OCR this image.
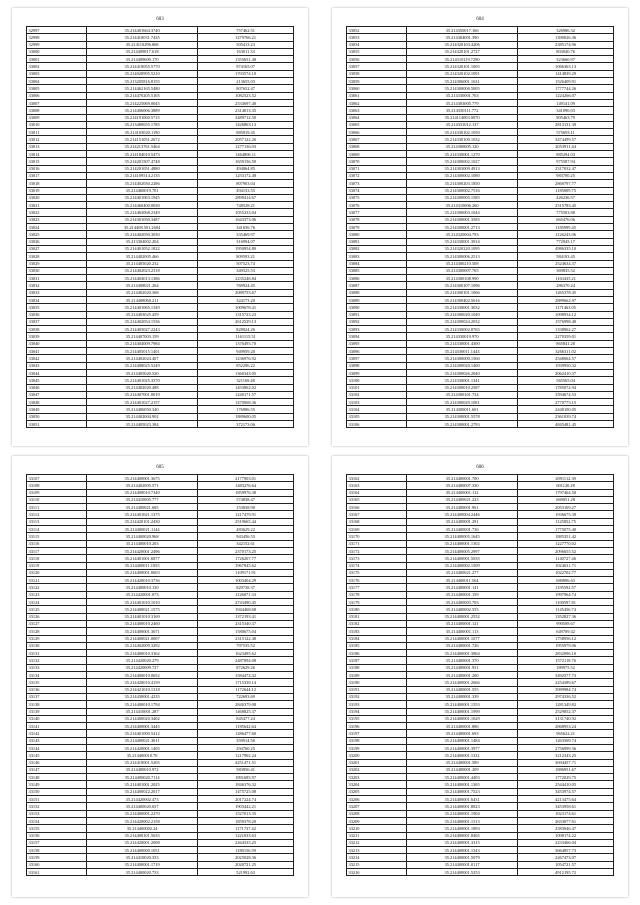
603
32997	35.214401664.3740	757462.51
32998	35.214410031.7435	1279766.21
32999	35.214110296.868	505413.23
33000	35.214409817.618	163011.33
33001	35.214409609.170	1355651.48
33002	35.214410055.5770	974165.07
33003	35.214020995.5210	1703574.10
33004	35.213205816.8155	213655.03
33005	35.214462165.5480	807652.47
33006	35.214470205.5165	1082523.52
33007	35.214225069.0045	2533697.40
33008	35.214406006.3889	2314813.35
33009	35.214191060.5715	2489712.50
33010	35.213480655.1785	1426863.13
33011	35.214103020.1190	885819.45
33012	35.214151051.2672	2057122.26
33013	35.214213761.5464	1277136.03
33014	35.214184010.5473	1464806.11
33015	35.214201507.4748	1659156.50
33016	35.214201051.4880	494064.85
33017	35.214109514.2135	1253172.48
33018	35.214402030.2286	807903.04
33019	35.214460019.701	494133.55
33020	35.214401063.1945	2899414.67
33021	35.214460400.0030	748528.21
33022	35.214463068.2349	1055233.04
33023	35.214301050.3487	1643373.06
33024	35.214408.501.2604	341656.76
33025	35.214402050.3030	335469.97
33026	35.213304002.204	316994.07
33027	35.214401052.1822	1950954.80
33028	35.214402005.466	809593.21
33029	35.214405020.232	507523.74
33030	35.214402023.2318	349525.53
33031	35.214404013.1386	2235246.84
33032	35.214408021.264	769924.45
33033	35.214402020.368	2089753.67
33034	35.214408060.211	324173.20
33035	35.214401065.1349	1009678.41
33036	35.214403025.459	1315723.23
33037	35.214402054.1536	2612529.13
33038	35.214403027.2243	828024.26
33039	35.214407003.159	1161115.51
33040	35.214404009.7984	1376493.70
33041	35.214405015.1401	949959.20
33042	35.214402024.407	1236976.92
33043	35.214408025.5249	852296.22
33044	35.214405020.520	1360343.05
33045	35.214401025.3370	321169.48
33046	35.214402020.488	1453862.02
33047	35.214407001.0019	1240171.57
33048	35.214401027.2157	1470068.36
33049	35.214406050.340	176986.55
33050	35.214402004.902	1889600.05
33051	35.214405023.384	372173.06
604
33052	35.214350017.166	326986.32
33053	35.214304001.390	1390026.36
33054	35.214320103.4206	2385174.96
33055	35.214320101.2727	803040.76
33056	35.214310119.7290	323660.97
33057	35.214320101.1005	1066363.13
33058	35.214320102.1091	1414839.29
33059	35.214306001.1631	1526409.91
33060	35.214300006.5005	1777744.26
33061	35.214330001.763	1224266.07
33062	35.214303005.779	149141.09
33063	35.214350111.772	341090.03
33064	35.214114003.0070	905463.79
33065	35.214331012.137	2813131.39
33066	35.214330102.1050	575693.11
33067	35.214330100.1032	3474499.57
33068	35.214300005.120	2053911.44
33069	35.214330001.1270	885294.03
33070	35.214300002.1027	975587.94
33071	35.214303009.4913	2317032.47
33072	35.214300002.1080	983700.25
33073	35.214300203.1850	2869797.77
33074	35.214300002.7516	1185009.75
33075	35.214300005.1585	426236.57
33076	35.214310006.260	2515783.45
33077	35.214300003.1044	775503.88
33078	35.214300001.3585	665476.06
33079	35.214300001.2713	1185999.45
33080	35.214320004.793	1126243.96
33081	35.214330001.3914	772945.17
33082	35.214320220.1095	4986335.10
33083	35.214300006.2513	584193.45
33084	35.214300210.508	2524634.37
33085	35.214300007.765	369835.52
33086	35.214300108.990	1163435.21
33087	35.214300107.1096	286370.24
33088	35.214300101.1066	1265378.45
33089	35.214300402.5616	2889662.97
33090	35.214330001.3032	1171463.05
33091	35.214300020.1049	1098934.12
33092	35.214300024.2032	1576998.40
33093	35.214330002.8765	1338962.27
33094	35.214330019.970	2270359.01
33095	35.214330001.4300	865841.28
33096	35.214330011.1443	3266311.02
33097	35.214300000.1560	2548064.57
33098	35.214300020.1400	1939950.32
33099	35.214300026.2040	2062410.37
33100	35.214330001.1341	565565.04
33101	35.214300010.2587	1785072.94
33102	35.214300101.734	3594674.53
33103	35.214300029.1081	2770775.15
33104	35.214300011.601	2448100.05
33105	35.214300001.5578	2361039.74
33106	35.214300001.2793	4845481.45
605
33107	35.214400001.3675	2177903.01
33108	35.214402005.571	1483276.64
33109	35.214400010.7340	1859976.38
33110	35.214410005.777	574838.47
33111	35.214400021.685	153838.90
33112	35.214401021.1375	1217479.91
33113	35.214420101.2430	2519665.44
33114	35.214400021.1144	483629.22
33115	35.214400020.968	943456.53
33116	35.214400010.203	342152.61
33117	35.214420001.2496	2370173.25
33118	35.214401001.6877	1726207.77
33119	35.214400011.1055	1967845.62
33120	35.214400001.0603	1109171.91
33121	35.214420010.3736	1003404.29
33122	35.214400010.130	829738.37
33123	35.214420001.073	1126071.33
33124	35.214401010.1010	2743490.45
33125	35.214400021.1575	1944468.68
33126	35.214401010.3169	1372193.41
33127	35.214400010.2460	2315340.37
33128	35.214400001.3671	1580675.04
33129	35.214400021.0007	2315122.48
33130	35.214402009.3292	797535.52
33131	35.214400010.3162	1623495.62
33132	35.214420020.279	2487894.08
33133	35.214420009.727	872629.26
33134	35.214400010.0652	1584472.32
33135	35.214420010.4159	1715339.14
33136	35.214421010.1318	1172644.12
33137	35.214430001.4235	722693.69
33138	35.214400010.1794	2840379.08
33139	35.214410001.287	1468825.37
33140	35.214400020.3402	845477.24
33141	35.214400001.3445	1185642.64
33142	35.214401000.5412	1286477.60
33143	35.214400021.3611	359914.56
33144	35.214420001.1405	294760.25
33145	35.214400010.70	1217902.24
33146	35.214410001.5205	4251471.51
33147	35.214400010.972	583856.41
33148	35.214400020.7114	1891685.97
33149	35.214401001.2025	1846376.32
33150	35.214400022.2017	1475725.08
33151	35.214420002.473	2017224.74
33152	35.214400020.657	1903442.21
33153	35.214400001.2270	1527013.35
33154	35.214420002.2158	1859378.20
33155	35.214400002.24	1171737.42
33156	35.214400101.5635	1221033.63
33157	35.214420001.2008	2264335.25
33158	35.214400000.1051	1180156.59
33159	35.214410020.353	2025028.36
33160	35.214400001.1719	2020721.25
33161	35.214400020.733	521992.63
606
33162	35.214400001.700	2091112.39
33163	35.214400007.330	601120.28
33164	35.214400001.112	1797464.50
33165	35.214400021.223	669051.28
33166	35.214400001.961	2053169.27
33167	35.214400004.2446	1936675.39
33168	35.214400001.291	1125852.75
33169	35.214400001.736	1775075.40
33170	35.214400005.1645	1885351.42
33171	35.214400001.1302	1227770.02
33172	35.214400005.2997	2096655.52
33173	35.214400001.5035	1140727.46
33174	35.214400002.1509	1024631.71
33175	35.214400021.277	1022702.77
33176	35.214400011.564	680896.63
33177	35.214400001.141	1195592.57
33178	35.214400001.159	1997964.74
33179	35.214400003.703	1100597.81
33180	35.214400002.555	1145456.74
33181	35.214400001.2552	1352827.36
33182	35.214400001.121	990508.67
33183	35.214400001.113	649709.42
33184	35.214400001.1077	1758956.12
33185	35.214400001.726	1955979.06
33186	35.214400001.3964	2832096.10
33187	35.214400001.370	1572118.76
33188	35.214400001.951	189975.52
33189	35.214400001.200	3492577.73
33190	35.214400001.2666	2254389.67
33191	35.214400001.555	3989984.74
33192	35.214400001.339	2974336.52
33193	35.214400001.1553	1281349.82
33194	35.214400001.1999	2529852.37
33195	35.214400001.1029	3131740.92
33196	35.214400001.886	2868953.24
33197	35.214400001.693	965622.21
33198	35.214400001.1484	1263569.74
33199	35.214400001.3977	2756999.36
33200	35.214400001.1331	3212343.25
33201	35.214400001.589	3694457.71
33202	35.214400001.209	1886951.67
33203	35.214400001.4403	1772029.75
33204	35.214400001.1365	2544410.05
33205	35.214400001.7523	3453974.57
33206	35.214400001.6431	4213475.64
33207	35.214400001.8823	3453958.61
33208	35.214400001.1904	1023174.61
33209	35.214400001.1513	2633077.61
33210	35.214400001.1893	2583946.47
33211	35.214400001.8465	1098174.22
33212	35.214400001.3315	2233466.04
33213	35.214400001.1543	3664857.73
33214	35.214400001.5079	2267473.07
33215	35.214400001.0117	1054721.57
33216	35.214400001.5253	4912195.72
